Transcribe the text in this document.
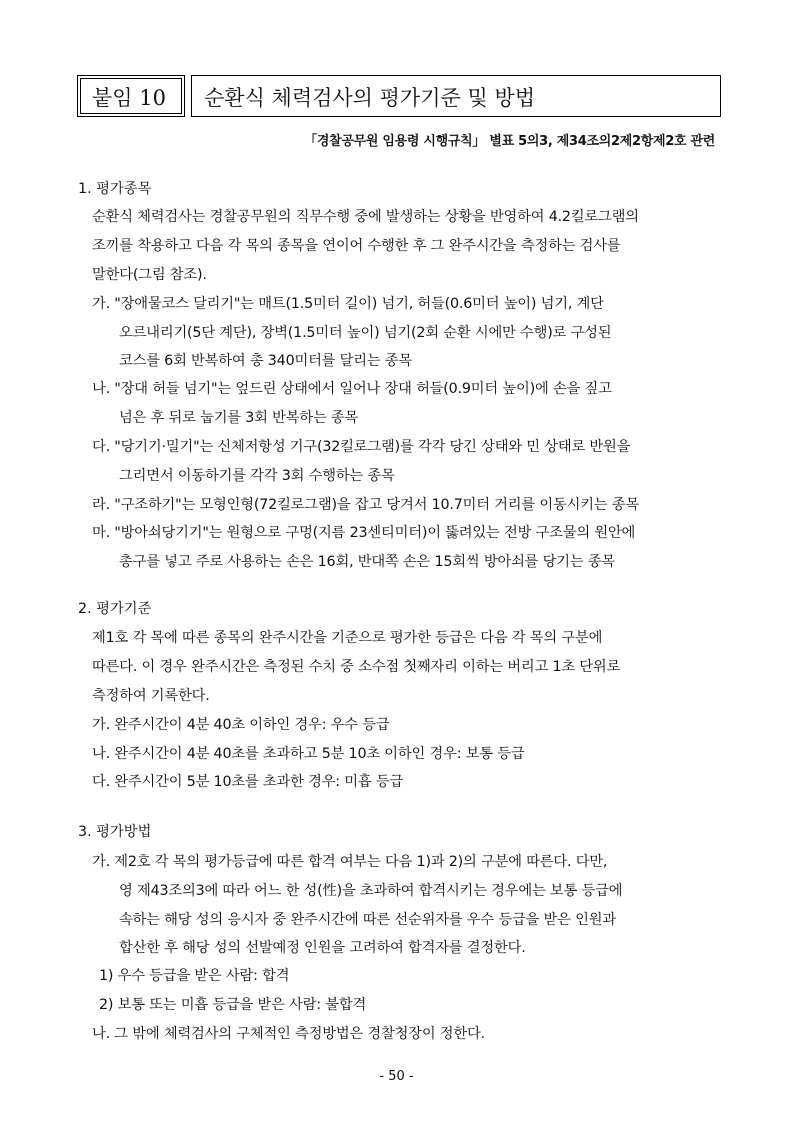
붙임 10 순환식 체력검사의 평가기준 및 방법
「경찰공무원 임용령 시행규칙」 별표 5의3, 제34조의2제2항제2호 관련
1. 평가종목
순환식 체력검사는 경찰공무원의 직무수행 중에 발생하는 상황을 반영하여 4.2킬로그램의
조끼를 착용하고 다음 각 목의 종목을 연이어 수행한 후 그 완주시간을 측정하는 검사를
말한다(그림 참조).
가. "장애물코스 달리기"는 매트(1.5미터 길이) 넘기, 허들(0.6미터 높이) 넘기, 계단
오르내리기(5단 계단), 장벽(1.5미터 높이) 넘기(2회 순환 시에만 수행)로 구성된
코스를 6회 반복하여 총 340미터를 달리는 종목
나. "장대 허들 넘기"는 엎드린 상태에서 일어나 장대 허들(0.9미터 높이)에 손을 짚고
넘은 후 뒤로 눕기를 3회 반복하는 종목
다. "당기기·밀기"는 신체저항성 기구(32킬로그램)를 각각 당긴 상태와 민 상태로 반원을
그리면서 이동하기를 각각 3회 수행하는 종목
라. "구조하기"는 모형인형(72킬로그램)을 잡고 당겨서 10.7미터 거리를 이동시키는 종목
마. "방아쇠당기기"는 원형으로 구멍(지름 23센티미터)이 뚫려있는 전방 구조물의 원안에
총구를 넣고 주로 사용하는 손은 16회, 반대쪽 손은 15회씩 방아쇠를 당기는 종목
2. 평가기준
제1호 각 목에 따른 종목의 완주시간을 기준으로 평가한 등급은 다음 각 목의 구분에
따른다. 이 경우 완주시간은 측정된 수치 중 소수점 첫째자리 이하는 버리고 1초 단위로
측정하여 기록한다.
가. 완주시간이 4분 40초 이하인 경우: 우수 등급
나. 완주시간이 4분 40초를 초과하고 5분 10초 이하인 경우: 보통 등급
다. 완주시간이 5분 10초를 초과한 경우: 미흡 등급
3. 평가방법
가. 제2호 각 목의 평가등급에 따른 합격 여부는 다음 1)과 2)의 구분에 따른다. 다만,
영 제43조의3에 따라 어느 한 성(性)을 초과하여 합격시키는 경우에는 보통 등급에
속하는 해당 성의 응시자 중 완주시간에 따른 선순위자를 우수 등급을 받은 인원과
합산한 후 해당 성의 선발예정 인원을 고려하여 합격자를 결정한다.
1) 우수 등급을 받은 사람: 합격
2) 보통 또는 미흡 등급을 받은 사람: 불합격
나. 그 밖에 체력검사의 구체적인 측정방법은 경찰청장이 정한다.
- 50 -
